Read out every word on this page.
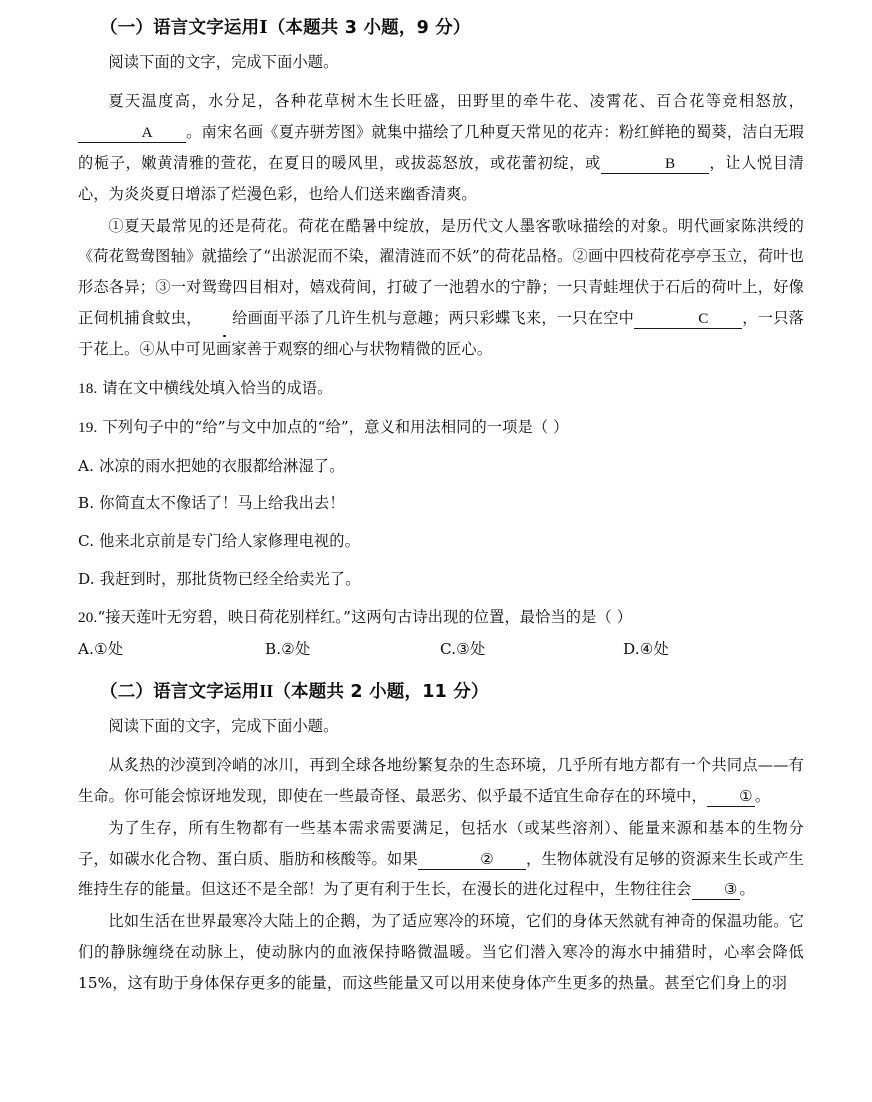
（一）语言文字运用Ⅰ（本题共 3 小题，9 分）

阅读下面的文字，完成下面小题。

夏天温度高，水分足，各种花草树木生长旺盛，田野里的牵牛花、凌霄花、百合花等竞相怒放，A 。南宋名画《夏卉骈芳图》就集中描绘了几种夏天常见的花卉：粉红鲜艳的蜀葵，洁白无瑕的栀子，嫩黄清雅的萱花，在夏日的暖风里，或拔蕊怒放，或花蕾初绽，或	B ，让人悦目清心，为炎炎夏日增添了烂漫色彩，也给人们送来幽香清爽。

①夏天最常见的还是荷花。荷花在酷暑中绽放，是历代文人墨客歌咏描绘的对象。明代画家陈洪绶的《荷花鸳鸯图轴》就描绘了“出淤泥而不染，濯清涟而不妖”的荷花品格。②画中四枝荷花亭亭玉立，荷叶也形态各异；③一对鸳鸯四目相对，嬉戏荷间，打破了一池碧水的宁静；一只青蛙埋伏于石后的荷叶上，好像正伺机捕食蚊虫， 给画面平添了几许生机与意趣；两只彩蝶飞来，一只在空中	C ，一只落于花上。④从中可见画家善于观察的细心与状物精微的匠心。

18. 请在文中横线处填入恰当的成语。

19. 下列句子中的“给”与文中加点的“给”，意义和用法相同的一项是（ ）

A. 冰凉的雨水把她的衣服都给淋湿了。

B. 你简直太不像话了！马上给我出去！

C. 他来北京前是专门给人家修理电视的。

D. 我赶到时，那批货物已经全给卖光了。

20.“接天莲叶无穷碧，映日荷花别样红。”这两句古诗出现的位置，最恰当的是（ ）

A.①处	B.②处	C.③处	D.④处
（二）语言文字运用II（本题共 2 小题，11 分）

阅读下面的文字，完成下面小题。

从炙热的沙漠到冷峭的冰川，再到全球各地纷繁复杂的生态环境，几乎所有地方都有一个共同点——有生命。你可能会惊讶地发现，即使在一些最奇怪、最恶劣、似乎最不适宜生命存在的环境中， ① 。

为了生存，所有生物都有一些基本需求需要满足，包括水（或某些溶剂）、能量来源和基本的生物分子，如碳水化合物、蛋白质、脂肪和核酸等。如果	② ，生物体就没有足够的资源来生长或产生维持生存的能量。但这还不是全部！为了更有利于生长，在漫长的进化过程中，生物往往会 ③ 。

比如生活在世界最寒冷大陆上的企鹅，为了适应寒冷的环境，它们的身体天然就有神奇的保温功能。它们的静脉缠绕在动脉上，使动脉内的血液保持略微温暖。当它们潜入寒冷的海水中捕猎时，心率会降低15%，这有助于身体保存更多的能量，而这些能量又可以用来使身体产生更多的热量。甚至它们身上的羽
